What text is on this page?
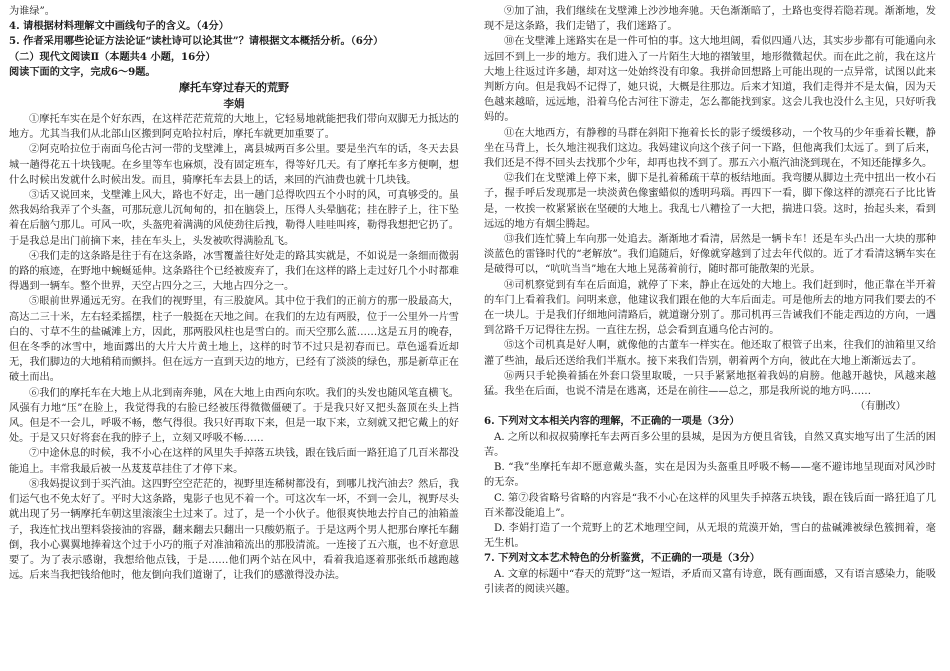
为谁绿”。

4. 请根据材料理解文中画线句子的含义。（4分）

5. 作者采用哪些论证方法论证“读杜诗可以论其世”？请根据文本概括分析。（6分）

（二）现代文阅读Ⅱ（本题共4 小题，16分）

阅读下面的文字，完成6～9题。

摩托车穿过春天的荒野

李娟

①摩托车实在是个好东西，在这样茫茫荒荒的大地上，它轻易地就能把我们带向双脚无力抵达的地方。尤其当我们从北部山区搬到阿克哈拉村后，摩托车就更加重要了。

②阿克哈拉位于南面乌伦古河一带的戈壁滩上，离县城两百多公里。要是坐汽车的话，冬天去县城一趟得花五十块钱呢。在乡里等车也麻烦，没有固定班车，得等好几天。有了摩托车多方便啊，想什么时候出发就什么时候出发。而且，骑摩托车去县上的话，来回的汽油费也就十几块钱。

③话又说回来，戈壁滩上风大，路也不好走，出一趟门总得吹四五个小时的风，可真够受的。虽然我妈给我弄了个头盔，可那玩意儿沉甸甸的，扣在脑袋上，压得人头晕脑花；挂在脖子上，往下坠着在后脑勺那儿。可风一吹，头盔兜着满满的风使劲往后拽，勒得人哇哇叫疼，勒得我想把它扔了。于是我总是出门前摘下来，挂在车头上，头发被吹得满脸乱飞。

④我们走的这条路是往于有在这条路，冰雪覆盖往好处走的路其实就是，不如说是一条细而微弱的路的痕迹，在野地中蜿蜒延伸。这条路往个已经被废弃了，我们在这样的路上走过好几个小时都难得遇到一辆车。整个世界，天空占四分之三，大地占四分之一。

⑤眼前世界通远无穷。在我们的视野里，有三股旋风。其中位于我们的正前方的那一股最高大，高达二三十米，左右轻柔摇摆，柱子一般挺在天地之间。在我们的左边有两股，位于一公里外一片雪白的、寸草不生的盐碱滩上方，因此，那两股风柱也是雪白的。而天空那么蓝……这是五月的晚春，但在冬季的冰雪中，地面露出的大片大片黄土地上，这样的时节不过只是初春而已。草色遥看近却无，我们脚边的大地稍稍而颤抖。但在远方一直到天边的地方，已经有了淡淡的绿色，那是新草正在破土而出。

⑥我们的摩托车在大地上从北到南奔驰，风在大地上由西向东吹。我们的头发也随风笔直横飞。风强有力地“压”在脸上，我觉得我的右脸已经被压得微微僵硬了。于是我只好又把头盔顶在头上挡风。但是不一会儿，呼吸不畅，憋气得很。我只好再取下来，但是一取下来，立刻就又把它戴上的好处。于是又只好将套在我的脖子上，立刻又呼吸不畅……

⑦中途休息的时候，我不小心在这样的风里失手掉落五块钱，跟在钱后面一路狂追了几百米都没能追上。丰常我最后被一丛芨芨草挂住了才停下来。

⑧我妈提议到于买汽油。这四野空空茫茫的，视野里连稀树都没有，到哪儿找汽油去？然后，我们运气也不免太好了。平时大这条路，鬼影子也见不着一个。可这次车一坏，不到一会儿，视野尽头就出现了另一辆摩托车朝这里滚滚尘土过来了。过了，是一个小伙子。他很爽快地去拧自己的油箱盖子，我连忙找出塑料袋接油的容器，翻来翻去只翻出一只酸奶瓶子。于是这两个男人把那台摩托车翻倒，我小心翼翼地捧着这个过于小巧的瓶子对准油箱流出的那股清流。一连接了五六瓶，也不好意思要了。为了表示感谢，我想给他点钱，于是……他们两个站在风中，看着我追逐着那张纸币越跑越远。后来当我把钱给他时，他友倒向我们道谢了，让我们的感激得没办法。

⑨加了油，我们继续在戈壁滩上沙沙地奔驰。天色渐渐暗了，土路也变得若隐若现。渐渐地，发现不是这条路，我们走错了，我们迷路了。

⑩在戈壁滩上迷路实在是一件可怕的事。这大地坦阔，看似四通八达，其实步步都有可能通向永远回不到上一步的地方。我们进入了一片陌生大地的褶皱里，地形微微起伏。而在此之前，我在这片大地上往返过许多趟，却对这一处始终没有印象。我拼命回想路上可能出现的一点异常，试图以此来判断方向。但是我妈不记得了，她只说，大概是往那边。后来才知道，我们走得并不是太偏，因为天色越来越暗，远远地，沿着乌伦古河往下游走，怎么都能找到家。这会儿我也没什么主见，只好听我妈的。

⑪在大地西方，有静穆的马群在斜阳下拖着长长的影子缓缓移动，一个牧马的少年垂着长鞭，静坐在马背上，长久地注视我们这边。我妈建议向这个孩子问一下路，但他离我们太远了。到了后来，我们还是不得不回头去找那个少年，却再也找不到了。那五六小瓶汽油浇到现在，不知还能撑多久。

⑫我们在戈壁滩上停下来，脚下是扎着稀疏干草的板结地面。我弯腰从脚边土壳中扭出一枚小石子，握手呼后发现那是一块淡黄色像蜜蜡似的透明玛瑙。再四下一看，脚下像这样的漂亮石子比比皆是，一枚挨一枚紧紧嵌在坚硬的大地上。我乱七八糟捡了一大把，揣进口袋。这时，抬起头来，看到远远的地方有烟尘腾起。

⑬我们连忙骑上车向那一处追去。渐渐地才看清，居然是一辆卡车！还是车头凸出一大块的那种淡蓝色的雷锋时代的“老解放”。我们追随后，好像就穿越到了过去年代似的。近了才看清这辆车实在是破得可以，“吭吭当当”地在大地上晃荡着前行，随时都可能散架的光景。

⑭司机察觉到有车在后面追，就停了下来，静止在远处的大地上。我们赶到时，他正靠在半开着的车门上看着我们。问明来意，他建议我们跟在他的大车后面走。可是他所去的地方同我们要去的不在一块儿。于是我们仔细地问清路后，就道谢分别了。那司机再三告诫我们不能走西边的方向，一遇到岔路千万记得往左拐。一直往左拐，总会看到直通乌伦古河的。

⑮这个司机真是好人啊，就像他的古董车一样实在。他还取了根管子出来，往我们的油箱里又给灌了些油，最后还送给我们半瓶水。接下来我们告别，朝着两个方向，彼此在大地上渐渐远去了。

⑯两只手轮换着插在外套口袋里取暖，一只手紧紧地抠着我妈的肩膀。他越开越快，风越来越猛。我坐在后面，也说不清是在逃离，还是在前往——总之，那是我所说的地方吗……

（有删改）

6. 下列对文本相关内容的理解，不正确的一项是（3分）

A. 之所以和叔叔骑摩托车去两百多公里的县城，是因为方便且省钱，自然又真实地写出了生活的困苦。

B. “我”坐摩托车却不愿意戴头盔，实在是因为头盔重且呼吸不畅——毫不避讳地呈现面对风沙时的无奈。

C. 第⑦段省略号省略的内容是“我不小心在这样的风里失手掉落五块钱，跟在钱后面一路狂追了几百米都没能追上”。

D. 李娟打造了一个荒野上的艺术地理空间，从无垠的荒漠开始，雪白的盐碱滩被绿色簇拥着，毫无生机。

7. 下列对文本艺术特色的分析鉴赏，不正确的一项是（3分）

A. 文章的标题中“春天的荒野”这一短语，矛盾而又富有诗意，既有画面感，又有语言感染力，能吸引读者的阅读兴趣。
